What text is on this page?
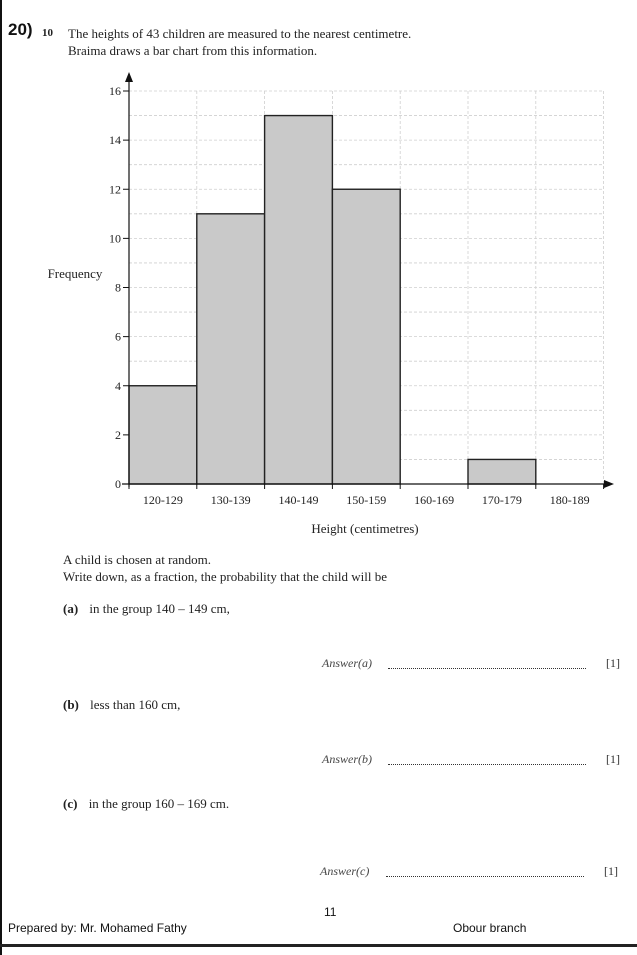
20) 10 The heights of 43 children are measured to the nearest centimetre.
Braima draws a bar chart from this information.
0
2
4
6
8
10
12
14
16
120-129 130-139 140-149 150-159 160-169 170-179 180-189
Frequency
Height (centimetres)
A child is chosen at random.
Write down, as a fraction, the probability that the child will be
(a) in the group 140 – 149 cm,
Answer(a)	[1]
(b) less than 160 cm,
Answer(b)	[1]
(c) in the group 160 – 169 cm.
Answer(c)	[1]
11
Prepared by: Mr. Mohamed Fathy	Obour branch
